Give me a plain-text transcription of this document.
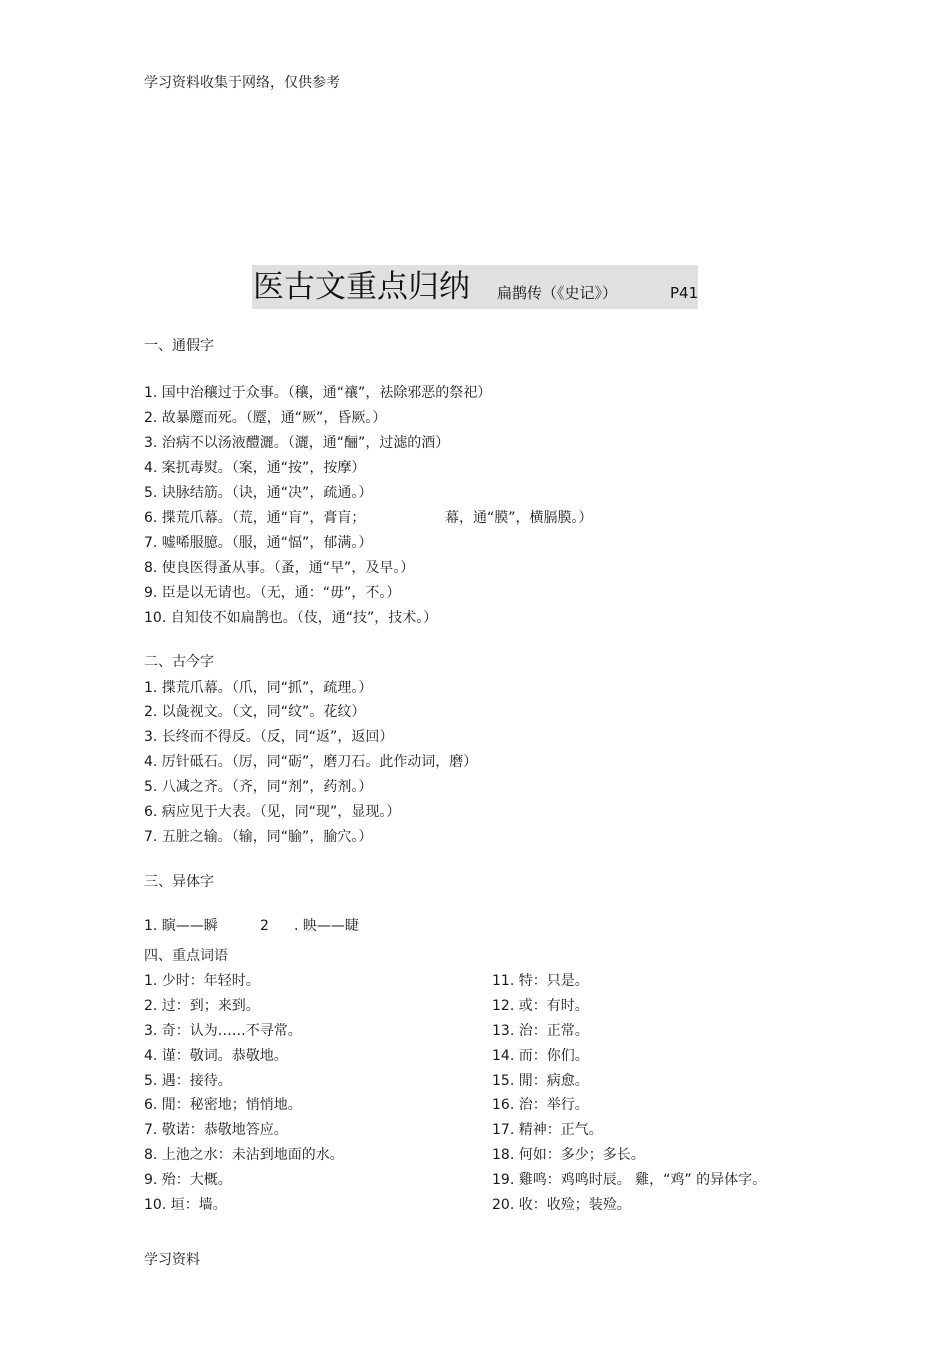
学习资料收集于网络，仅供参考
医古文重点归纳 扁鹊传（《史记》）	P41
一、通假字
1. 国中治穰过于众事。（穰，通“禳”，祛除邪恶的祭祀）
2. 故暴蹷而死。（蹷，通“厥”，昏厥。）
3. 治病不以汤液醴灑。（灑，通“酾”，过滤的酒）
4. 案扤毒熨。（案，通“按”，按摩）
5. 诀脉结筋。（诀，通“决”，疏通。）
6. 揲荒爪幕。（荒，通“肓”，膏肓；	幕，通“膜”，横膈膜。）
7. 嘘唏服臆。（服，通“愊”，郁满。）
8. 使良医得蚤从事。（蚤，通“早”，及早。）
9. 臣是以无请也。（无，通：“毋”，不。）
10. 自知伎不如扁鹊也。（伎，通“技”，技术。）
二、古今字
1. 揲荒爪幕。（爪，同“抓”，疏理。）
2. 以彘视文。（文，同“纹”。花纹）
3. 长终而不得反。（反，同“返”，返回）
4. 厉针砥石。（厉，同“砺”，磨刀石。此作动词，磨）
5. 八减之齐。（齐，同“剂”，药剂。）
6. 病应见于大表。（见，同“现”，显现。）
7. 五脏之输。（输，同“腧”，腧穴。）
三、异体字
1. 瞚——瞬	2 . 眏——睫
四、重点词语
1. 少时：年轻时。
2. 过：到；来到。
3. 奇：认为……不寻常。
4. 谨：敬词。恭敬地。
5. 遇：接待。
6. 閒：秘密地；悄悄地。
7. 敬诺：恭敬地答应。
8. 上池之水：未沾到地面的水。
9. 殆：大概。
10. 垣：墙。
11. 特：只是。
12. 或：有时。
13. 治：正常。
14. 而：你们。
15. 閒：病愈。
16. 治：举行。
17. 精神：正气。
18. 何如：多少；多长。
19. 雞鸣：鸡鸣时辰。 雞，“鸡” 的异体字。
20. 收：收殓；装殓。
学习资料
